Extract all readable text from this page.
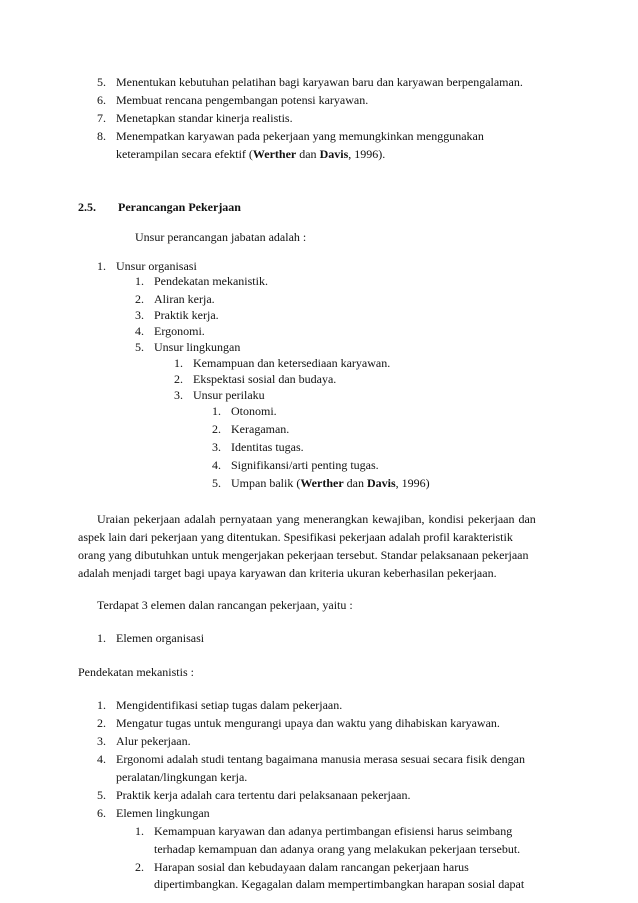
5. Menentukan kebutuhan pelatihan bagi karyawan baru dan karyawan berpengalaman.
6. Membuat rencana pengembangan potensi karyawan.
7. Menetapkan standar kinerja realistis.
8. Menempatkan karyawan pada pekerjaan yang memungkinkan menggunakan
keterampilan secara efektif (Werther dan Davis, 1996).
2.5. Perancangan Pekerjaan
Unsur perancangan jabatan adalah :
1. Unsur organisasi
1. Pendekatan mekanistik.
2. Aliran kerja.
3. Praktik kerja.
4. Ergonomi.
5. Unsur lingkungan
1. Kemampuan dan ketersediaan karyawan.
2. Ekspektasi sosial dan budaya.
3. Unsur perilaku
1. Otonomi.
2. Keragaman.
3. Identitas tugas.
4. Signifikansi/arti penting tugas.
5. Umpan balik (Werther dan Davis, 1996)
Uraian pekerjaan adalah pernyataan yang menerangkan kewajiban, kondisi pekerjaan dan
aspek lain dari pekerjaan yang ditentukan. Spesifikasi pekerjaan adalah profil karakteristik
orang yang dibutuhkan untuk mengerjakan pekerjaan tersebut. Standar pelaksanaan pekerjaan
adalah menjadi target bagi upaya karyawan dan kriteria ukuran keberhasilan pekerjaan.
Terdapat 3 elemen dalan rancangan pekerjaan, yaitu :
1. Elemen organisasi
Pendekatan mekanistis :
1. Mengidentifikasi setiap tugas dalam pekerjaan.
2. Mengatur tugas untuk mengurangi upaya dan waktu yang dihabiskan karyawan.
3. Alur pekerjaan.
4. Ergonomi adalah studi tentang bagaimana manusia merasa sesuai secara fisik dengan
peralatan/lingkungan kerja.
5. Praktik kerja adalah cara tertentu dari pelaksanaan pekerjaan.
6. Elemen lingkungan
1. Kemampuan karyawan dan adanya pertimbangan efisiensi harus seimbang
terhadap kemampuan dan adanya orang yang melakukan pekerjaan tersebut.
2. Harapan sosial dan kebudayaan dalam rancangan pekerjaan harus
dipertimbangkan. Kegagalan dalam mempertimbangkan harapan sosial dapat
